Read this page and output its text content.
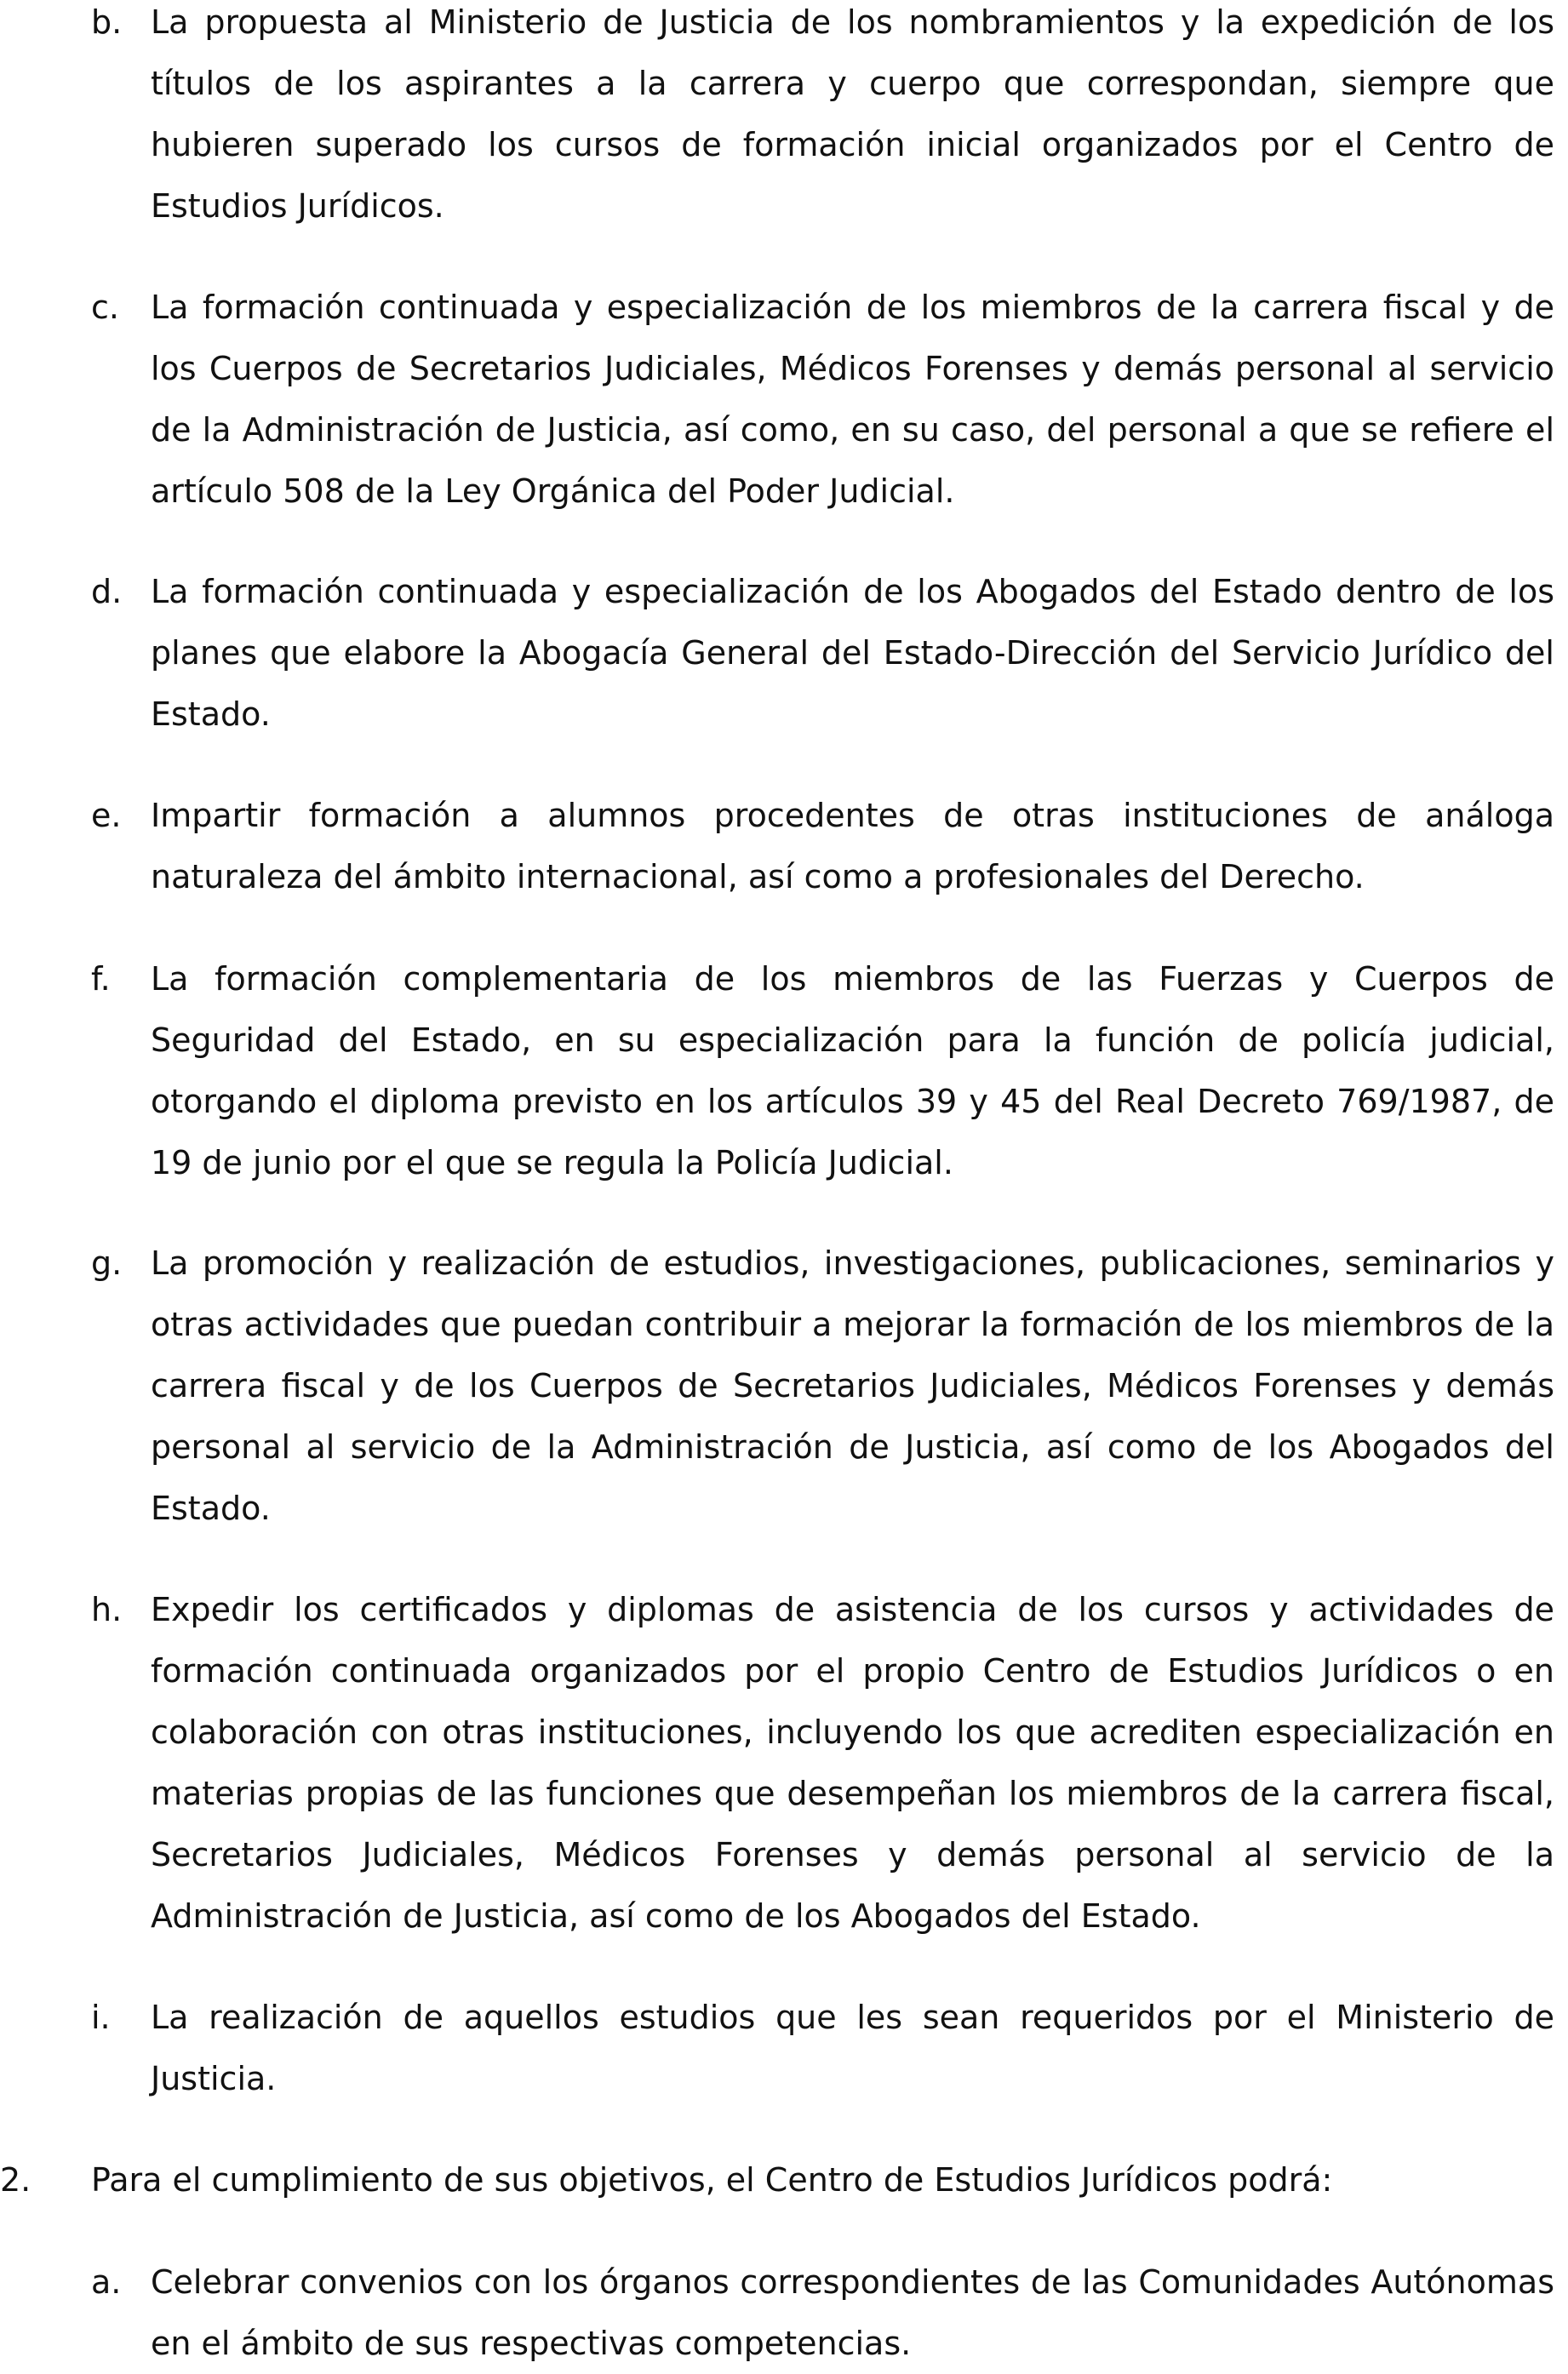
b. La propuesta al Ministerio de Justicia de los nombramientos y la expedición de los títulos de los aspirantes a la carrera y cuerpo que correspondan, siempre que hubieren superado los cursos de formación inicial organizados por el Centro de Estudios Jurídicos.
c. La formación continuada y especialización de los miembros de la carrera fiscal y de los Cuerpos de Secretarios Judiciales, Médicos Forenses y demás personal al servicio de la Administración de Justicia, así como, en su caso, del personal a que se refiere el artículo 508 de la Ley Orgánica del Poder Judicial.
d. La formación continuada y especialización de los Abogados del Estado dentro de los planes que elabore la Abogacía General del Estado-Dirección del Servicio Jurídico del Estado.
e. Impartir formación a alumnos procedentes de otras instituciones de análoga naturaleza del ámbito internacional, así como a profesionales del Derecho.
f. La formación complementaria de los miembros de las Fuerzas y Cuerpos de Seguridad del Estado, en su especialización para la función de policía judicial, otorgando el diploma previsto en los artículos 39 y 45 del Real Decreto 769/1987, de 19 de junio por el que se regula la Policía Judicial.
g. La promoción y realización de estudios, investigaciones, publicaciones, seminarios y otras actividades que puedan contribuir a mejorar la formación de los miembros de la carrera fiscal y de los Cuerpos de Secretarios Judiciales, Médicos Forenses y demás personal al servicio de la Administración de Justicia, así como de los Abogados del Estado.
h. Expedir los certificados y diplomas de asistencia de los cursos y actividades de formación continuada organizados por el propio Centro de Estudios Jurídicos o en colaboración con otras instituciones, incluyendo los que acrediten especialización en materias propias de las funciones que desempeñan los miembros de la carrera fiscal, Secretarios Judiciales, Médicos Forenses y demás personal al servicio de la Administración de Justicia, así como de los Abogados del Estado.
i. La realización de aquellos estudios que les sean requeridos por el Ministerio de Justicia.
2. Para el cumplimiento de sus objetivos, el Centro de Estudios Jurídicos podrá:
a. Celebrar convenios con los órganos correspondientes de las Comunidades Autónomas en el ámbito de sus respectivas competencias.
